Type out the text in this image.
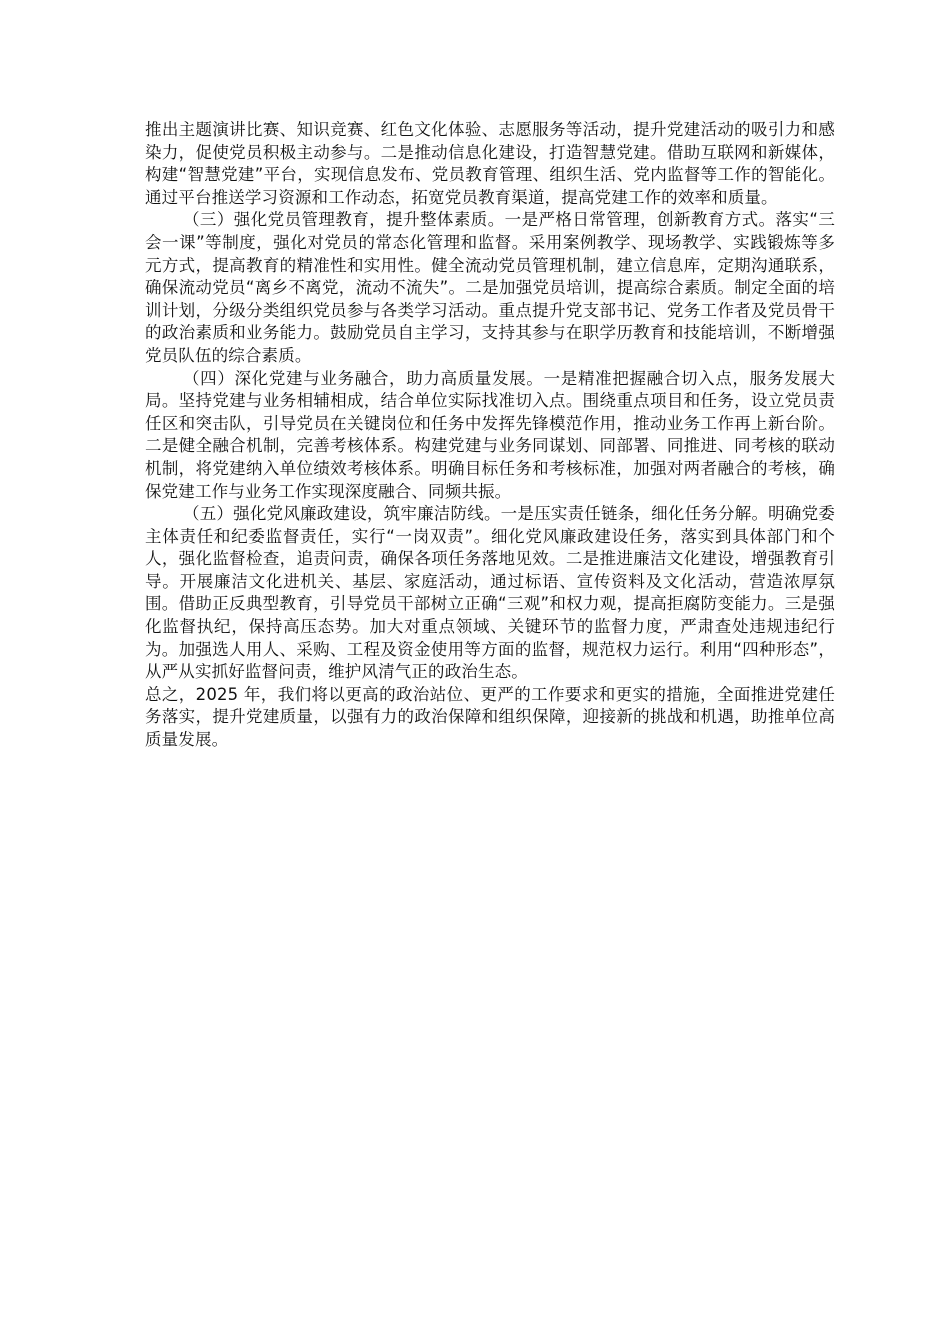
推出主题演讲比赛、知识竞赛、红色文化体验、志愿服务等活动，提升党建活动的吸引力和感染力，促使党员积极主动参与。二是推动信息化建设，打造智慧党建。借助互联网和新媒体，构建“智慧党建”平台，实现信息发布、党员教育管理、组织生活、党内监督等工作的智能化。通过平台推送学习资源和工作动态，拓宽党员教育渠道，提高党建工作的效率和质量。

（三）强化党员管理教育，提升整体素质。一是严格日常管理，创新教育方式。落实“三会一课”等制度，强化对党员的常态化管理和监督。采用案例教学、现场教学、实践锻炼等多元方式，提高教育的精准性和实用性。健全流动党员管理机制，建立信息库，定期沟通联系，确保流动党员“离乡不离党，流动不流失”。二是加强党员培训，提高综合素质。制定全面的培训计划，分级分类组织党员参与各类学习活动。重点提升党支部书记、党务工作者及党员骨干的政治素质和业务能力。鼓励党员自主学习，支持其参与在职学历教育和技能培训，不断增强党员队伍的综合素质。

（四）深化党建与业务融合，助力高质量发展。一是精准把握融合切入点，服务发展大局。坚持党建与业务相辅相成，结合单位实际找准切入点。围绕重点项目和任务，设立党员责任区和突击队，引导党员在关键岗位和任务中发挥先锋模范作用，推动业务工作再上新台阶。二是健全融合机制，完善考核体系。构建党建与业务同谋划、同部署、同推进、同考核的联动机制，将党建纳入单位绩效考核体系。明确目标任务和考核标准，加强对两者融合的考核，确保党建工作与业务工作实现深度融合、同频共振。

（五）强化党风廉政建设，筑牢廉洁防线。一是压实责任链条，细化任务分解。明确党委主体责任和纪委监督责任，实行“一岗双责”。细化党风廉政建设任务，落实到具体部门和个人，强化监督检查，追责问责，确保各项任务落地见效。二是推进廉洁文化建设，增强教育引导。开展廉洁文化进机关、基层、家庭活动，通过标语、宣传资料及文化活动，营造浓厚氛围。借助正反典型教育，引导党员干部树立正确“三观”和权力观，提高拒腐防变能力。三是强化监督执纪，保持高压态势。加大对重点领域、关键环节的监督力度，严肃查处违规违纪行为。加强选人用人、采购、工程及资金使用等方面的监督，规范权力运行。利用“四种形态”，从严从实抓好监督问责，维护风清气正的政治生态。

总之，2025 年，我们将以更高的政治站位、更严的工作要求和更实的措施，全面推进党建任务落实，提升党建质量，以强有力的政治保障和组织保障，迎接新的挑战和机遇，助推单位高质量发展。
